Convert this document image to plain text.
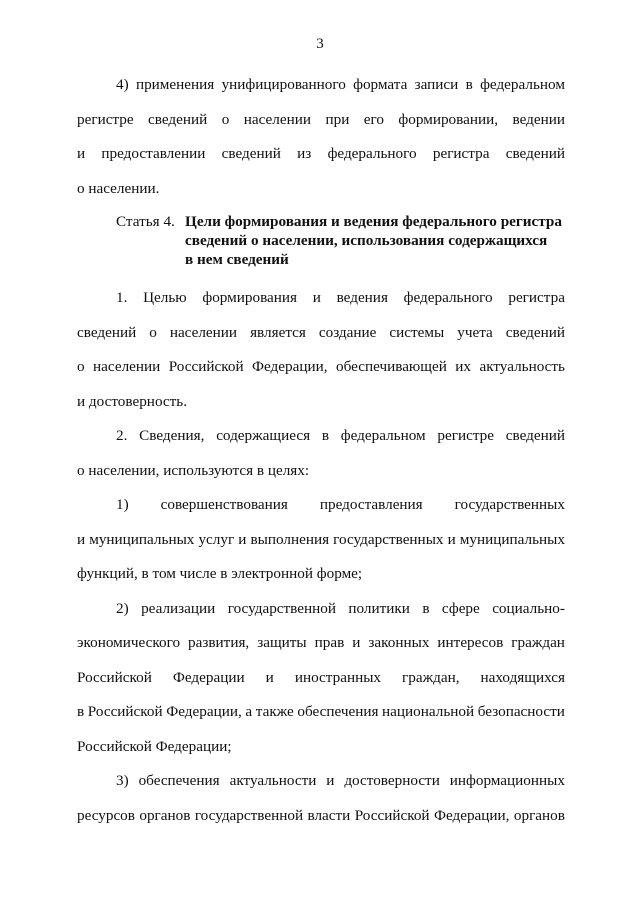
3
4) применения унифицированного формата записи в федеральном
регистре сведений о населении при его формировании, ведении
и предоставлении сведений из федерального регистра сведений
о населении.
Статья 4. Цели формирования и ведения федерального регистра
сведений о населении, использования содержащихся
в нем сведений
1. Целью формирования и ведения федерального регистра
сведений о населении является создание системы учета сведений
о населении Российской Федерации, обеспечивающей их актуальность
и достоверность.
2. Сведения, содержащиеся в федеральном регистре сведений
о населении, используются в целях:
1) совершенствования предоставления государственных
и муниципальных услуг и выполнения государственных и муниципальных
функций, в том числе в электронной форме;
2) реализации государственной политики в сфере социально-
экономического развития, защиты прав и законных интересов граждан
Российской Федерации и иностранных граждан, находящихся
в Российской Федерации, а также обеспечения национальной безопасности
Российской Федерации;
3) обеспечения актуальности и достоверности информационных
ресурсов органов государственной власти Российской Федерации, органов
